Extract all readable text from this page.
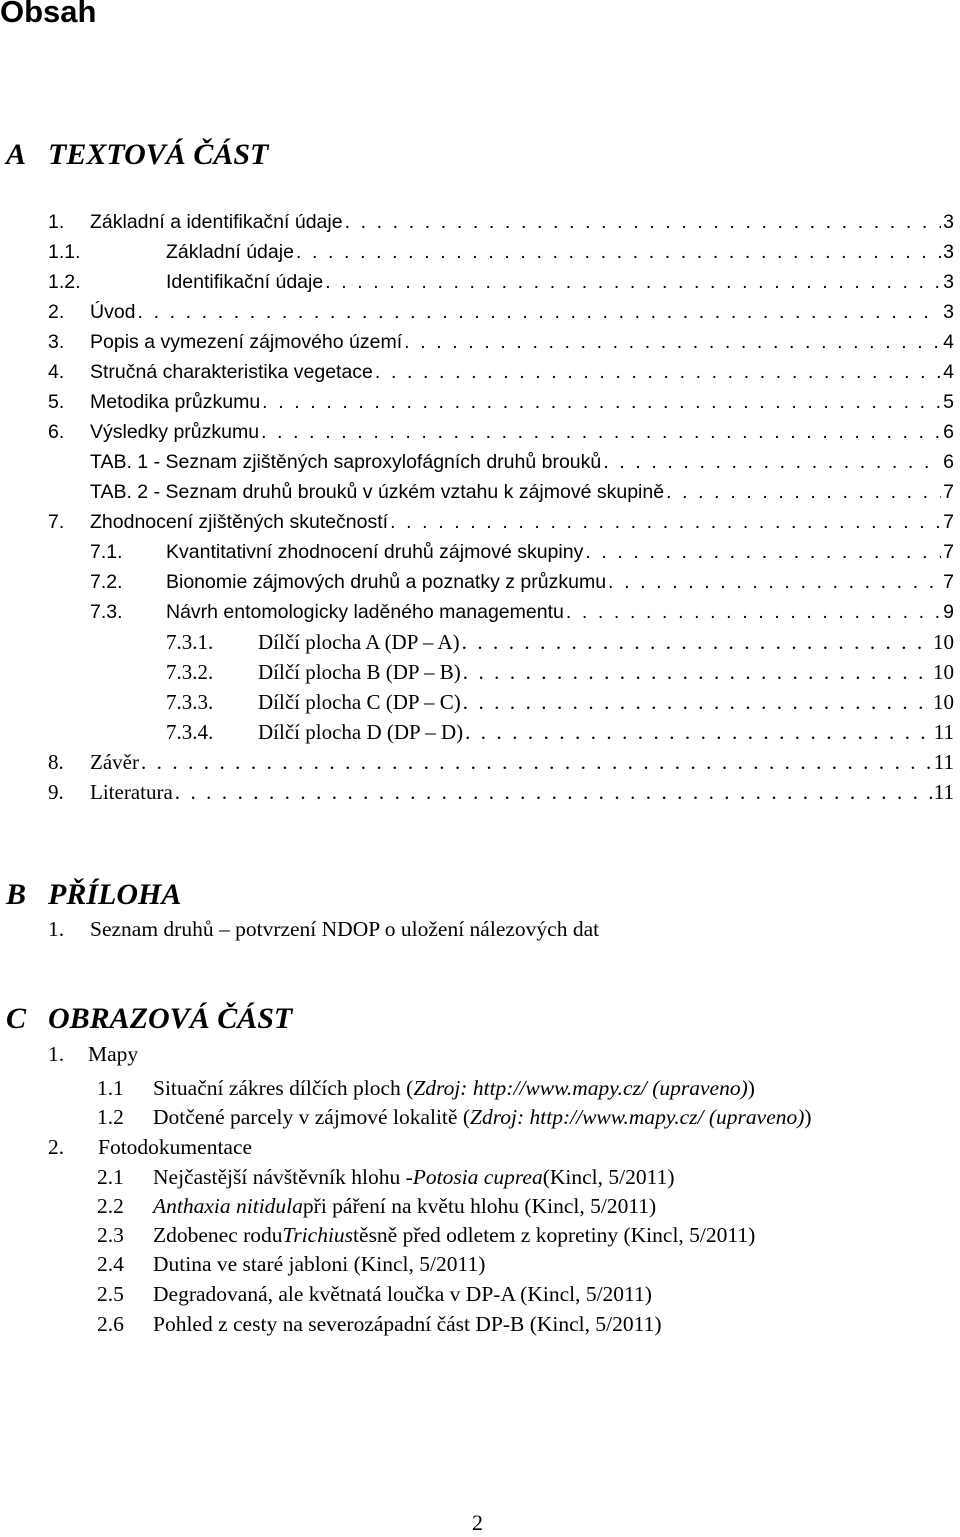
Obsah
A TEXTOVÁ ČÁST
1.	Základní a identifikační údaje . . .	3
1.1.	Základní údaje . . .	3
1.2.	Identifikační údaje . . .	3
2.	Úvod . . .	3
3.	Popis a vymezení zájmového území . . .	4
4.	Stručná charakteristika vegetace . . .	4
5.	Metodika průzkumu . . .	5
6.	Výsledky průzkumu . . .	6
TAB. 1 - Seznam zjištěných saproxylofágních druhů brouků . . .	6
TAB. 2 - Seznam druhů brouků v úzkém vztahu k zájmové skupině . . .	7
7.	Zhodnocení zjištěných skutečností . . .	7
7.1.	Kvantitativní zhodnocení druhů zájmové skupiny . . .	7
7.2.	Bionomie zájmových druhů a poznatky z průzkumu . . .	7
7.3.	Návrh entomologicky laděného managementu . . .	9
7.3.1.	Dílčí plocha A (DP – A) . . .	10
7.3.2.	Dílčí plocha B (DP – B) . . .	10
7.3.3.	Dílčí plocha C (DP – C) . . .	10
7.3.4.	Dílčí plocha D (DP – D) . . .	11
8.	Závěr . . .	11
9.	Literatura . . .	11
B PŘÍLOHA
1.	Seznam druhů – potvrzení NDOP o uložení nálezových dat
C OBRAZOVÁ ČÁST
1.	Mapy
1.1	Situační zákres dílčích ploch ( Zdroj: http://www.mapy.cz/ (upraveno) )
1.2	Dotčené parcely v zájmové lokalitě ( Zdroj: http://www.mapy.cz/ (upraveno) )
2.	Fotodokumentace
2.1	Nejčastější návštěvník hlohu - Potosia cuprea (Kincl, 5/2011)
2.2	Anthaxia nitidula při páření na květu hlohu (Kincl, 5/2011)
2.3	Zdobenec rodu Trichius těsně před odletem z kopretiny (Kincl, 5/2011)
2.4	Dutina ve staré jabloni (Kincl, 5/2011)
2.5	Degradovaná, ale květnatá loučka v DP-A (Kincl, 5/2011)
2.6	Pohled z cesty na severozápadní část DP-B (Kincl, 5/2011)

2
